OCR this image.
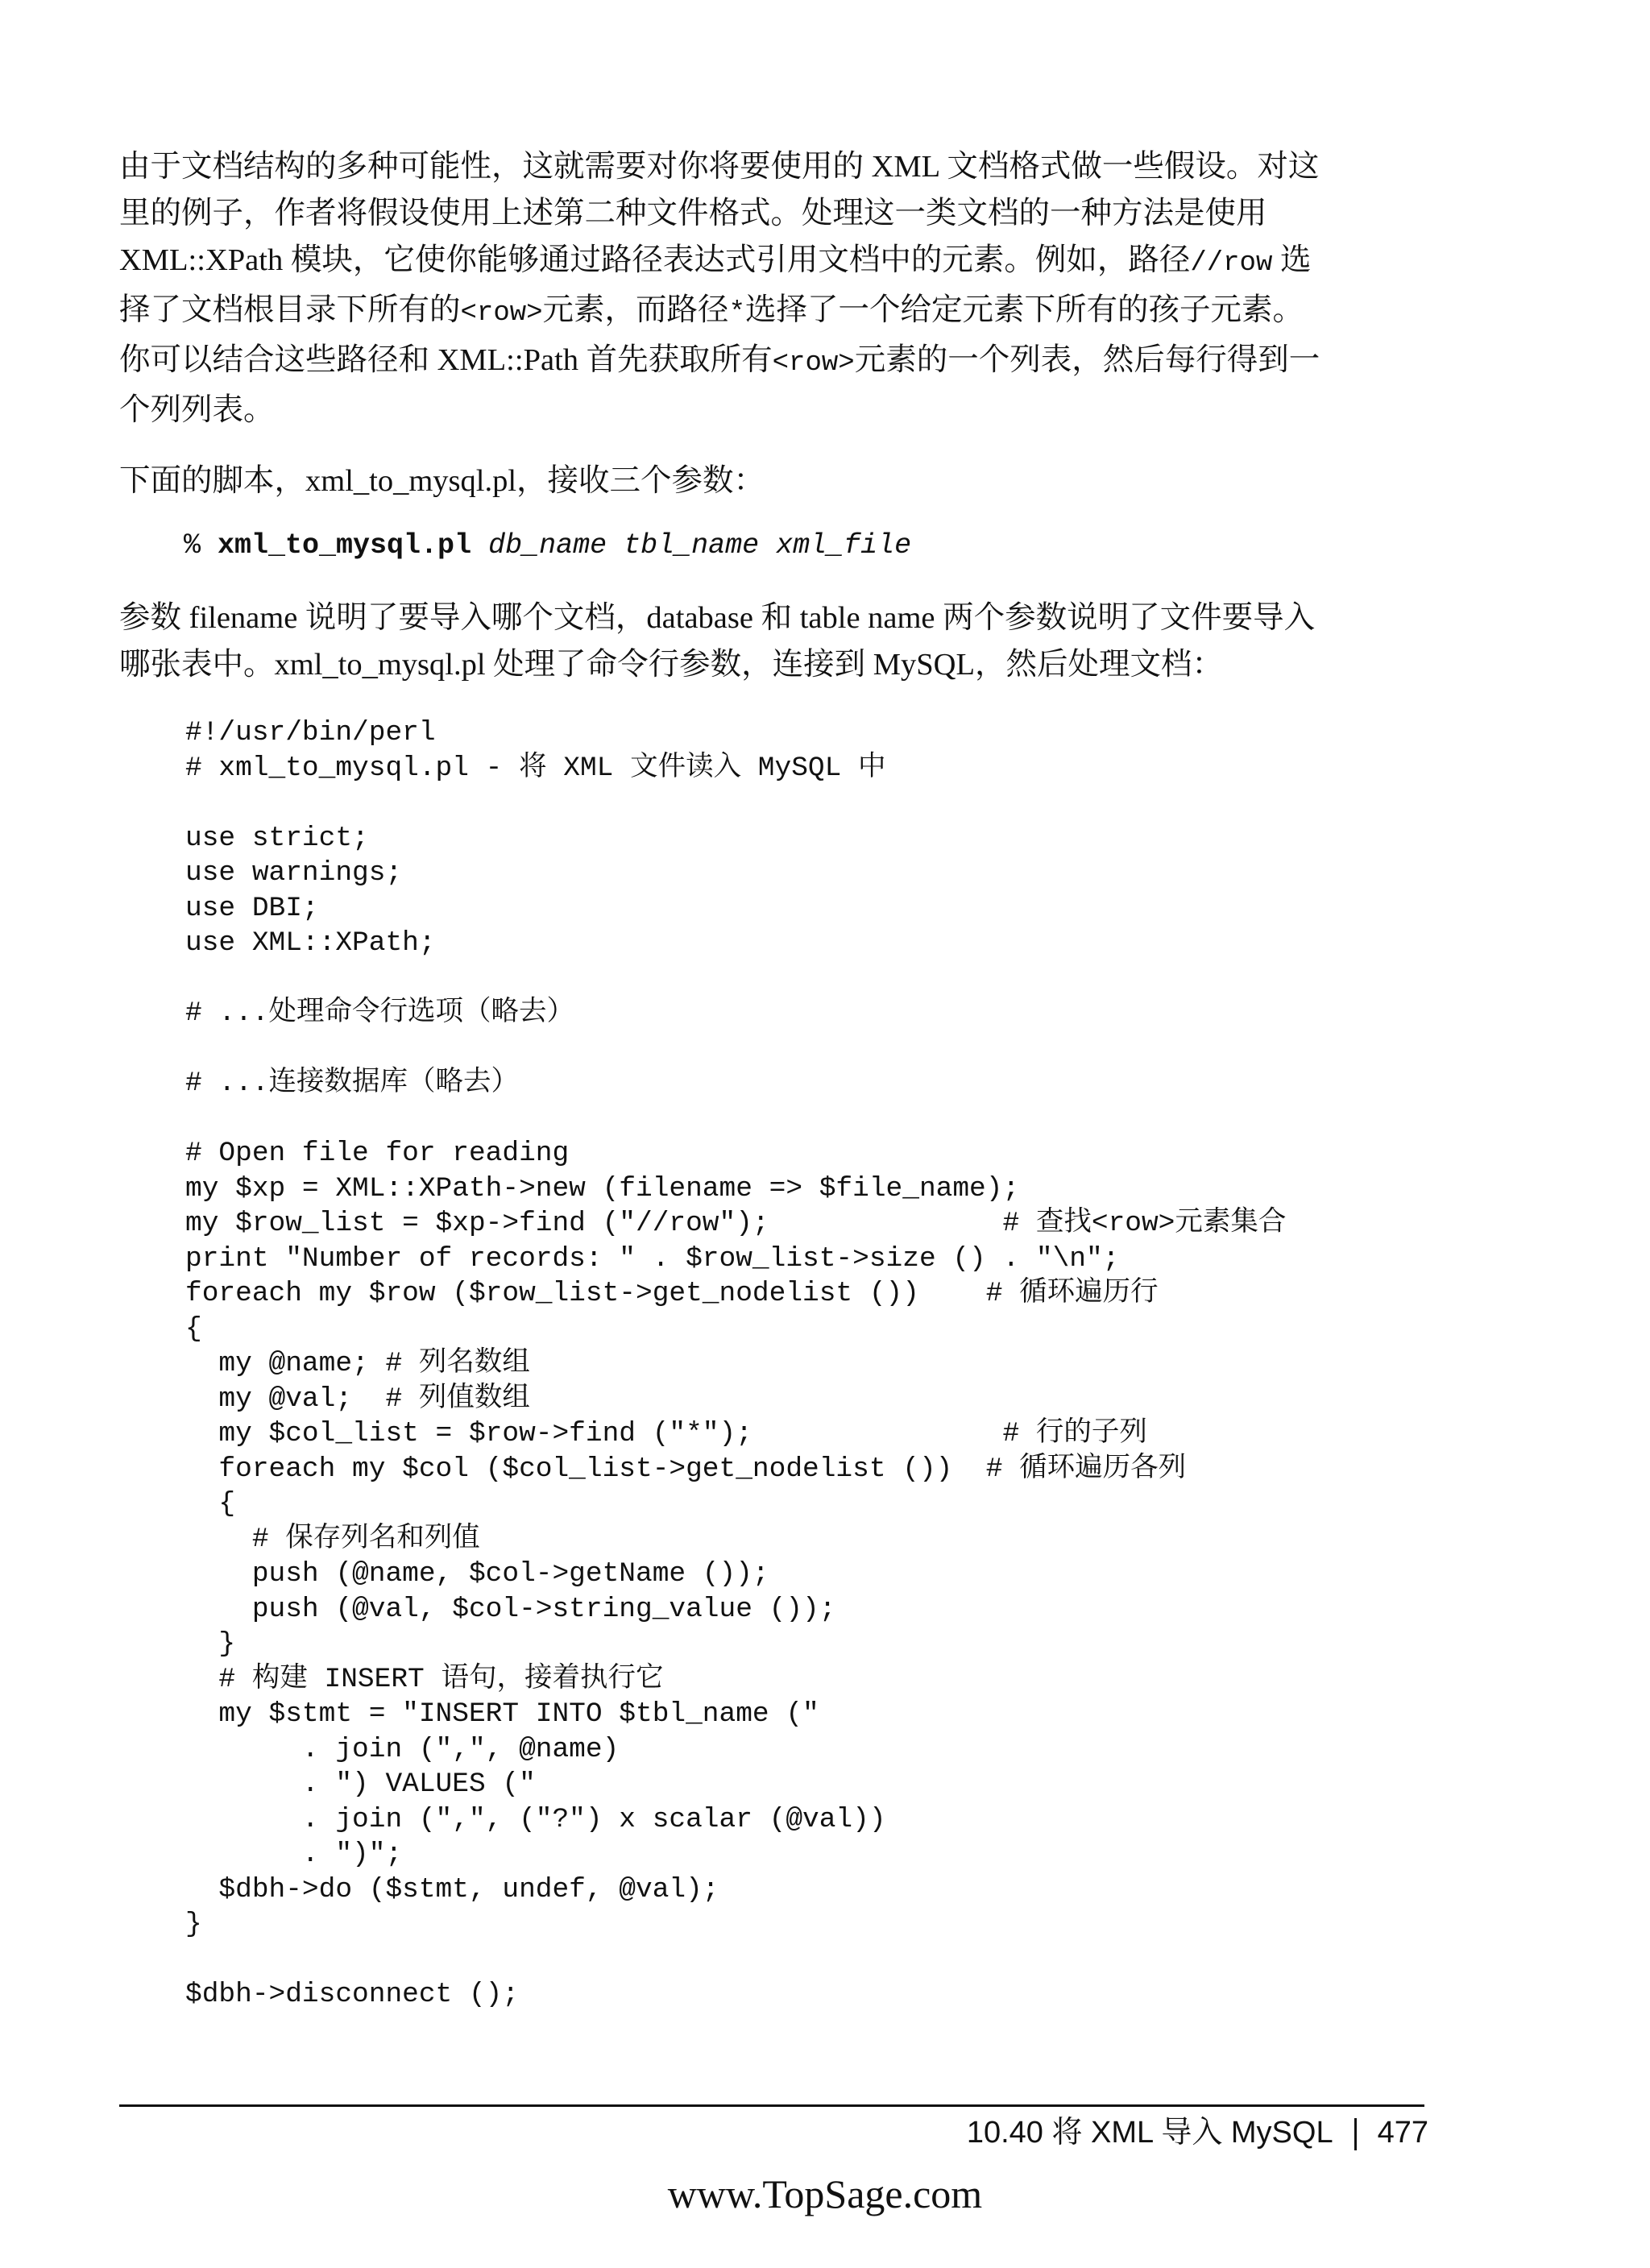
由于文档结构的多种可能性，这就需要对你将要使用的 XML 文档格式做一些假设。对这
里的例子，作者将假设使用上述第二种文件格式。处理这一类文档的一种方法是使用
XML::XPath 模块，它使你能够通过路径表达式引用文档中的元素。例如，路径//row 选
择了文档根目录下所有的<row>元素，而路径*选择了一个给定元素下所有的孩子元素。
你可以结合这些路径和 XML::Path 首先获取所有<row>元素的一个列表，然后每行得到一
个列列表。
下面的脚本，xml_to_mysql.pl，接收三个参数：
% xml_to_mysql.pl db_name tbl_name xml_file
参数 filename 说明了要导入哪个文档，database 和 table name 两个参数说明了文件要导入
哪张表中。xml_to_mysql.pl 处理了命令行参数，连接到 MySQL，然后处理文档：
#!/usr/bin/perl
# xml_to_mysql.pl - 将 XML 文件读入 MySQL 中
use strict;
use warnings;
use DBI;
use XML::XPath;
# ...处理命令行选项（略去）
# ...连接数据库（略去）
# Open file for reading
my $xp = XML::XPath->new (filename => $file_name);
my $row_list = $xp->find ("//row");              # 查找<row>元素集合
print "Number of records: " . $row_list->size () . "\n";
foreach my $row ($row_list->get_nodelist ())    # 循环遍历行
{
my @name; # 列名数组
my @val;  # 列值数组
my $col_list = $row->find ("*");               # 行的子列
foreach my $col ($col_list->get_nodelist ())  # 循环遍历各列
{
# 保存列名和列值
push (@name, $col->getName ());
push (@val, $col->string_value ());
}
# 构建 INSERT 语句，接着执行它
my $stmt = "INSERT INTO $tbl_name ("
. join (",", @name)
. ") VALUES ("
. join (",", ("?") x scalar (@val))
. ")";
$dbh->do ($stmt, undef, @val);
}
$dbh->disconnect ();
10.40 将 XML 导入 MySQL 477
www.TopSage.com
